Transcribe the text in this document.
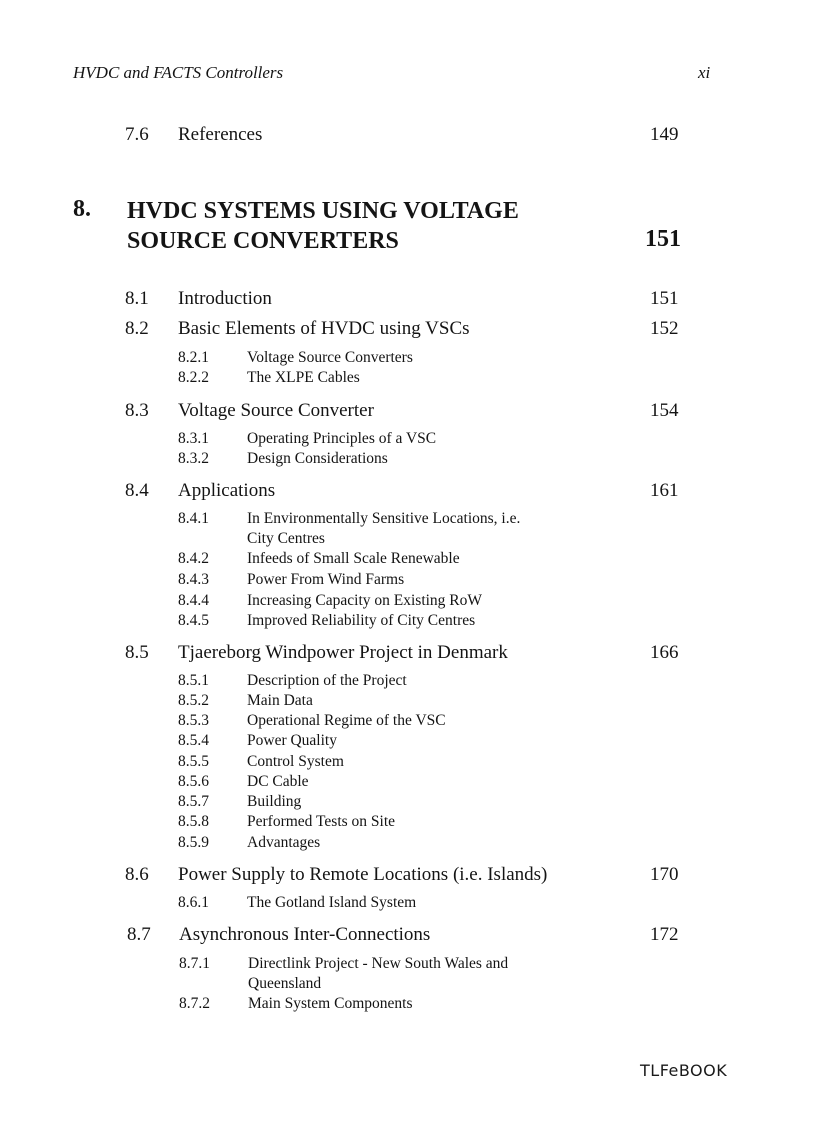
HVDC and FACTS Controllers	xi
7.6 References	149
8. HVDC SYSTEMS USING VOLTAGE
SOURCE CONVERTERS	151
8.1 Introduction	151
8.2 Basic Elements of HVDC using VSCs	152
8.2.1 Voltage Source Converters
8.2.2 The XLPE Cables
8.3 Voltage Source Converter	154
8.3.1 Operating Principles of a VSC
8.3.2 Design Considerations
8.4 Applications	161
8.4.1 In Environmentally Sensitive Locations, i.e.
City Centres
8.4.2 Infeeds of Small Scale Renewable
8.4.3 Power From Wind Farms
8.4.4 Increasing Capacity on Existing RoW
8.4.5 Improved Reliability of City Centres
8.5 Tjaereborg Windpower Project in Denmark	166
8.5.1 Description of the Project
8.5.2 Main Data
8.5.3 Operational Regime of the VSC
8.5.4 Power Quality
8.5.5 Control System
8.5.6 DC Cable
8.5.7 Building
8.5.8 Performed Tests on Site
8.5.9 Advantages
8.6 Power Supply to Remote Locations (i.e. Islands)	170
8.6.1 The Gotland Island System
8.7 Asynchronous Inter-Connections	172
8.7.1 Directlink Project - New South Wales and
Queensland
8.7.2 Main System Components
TLFeBOOK
